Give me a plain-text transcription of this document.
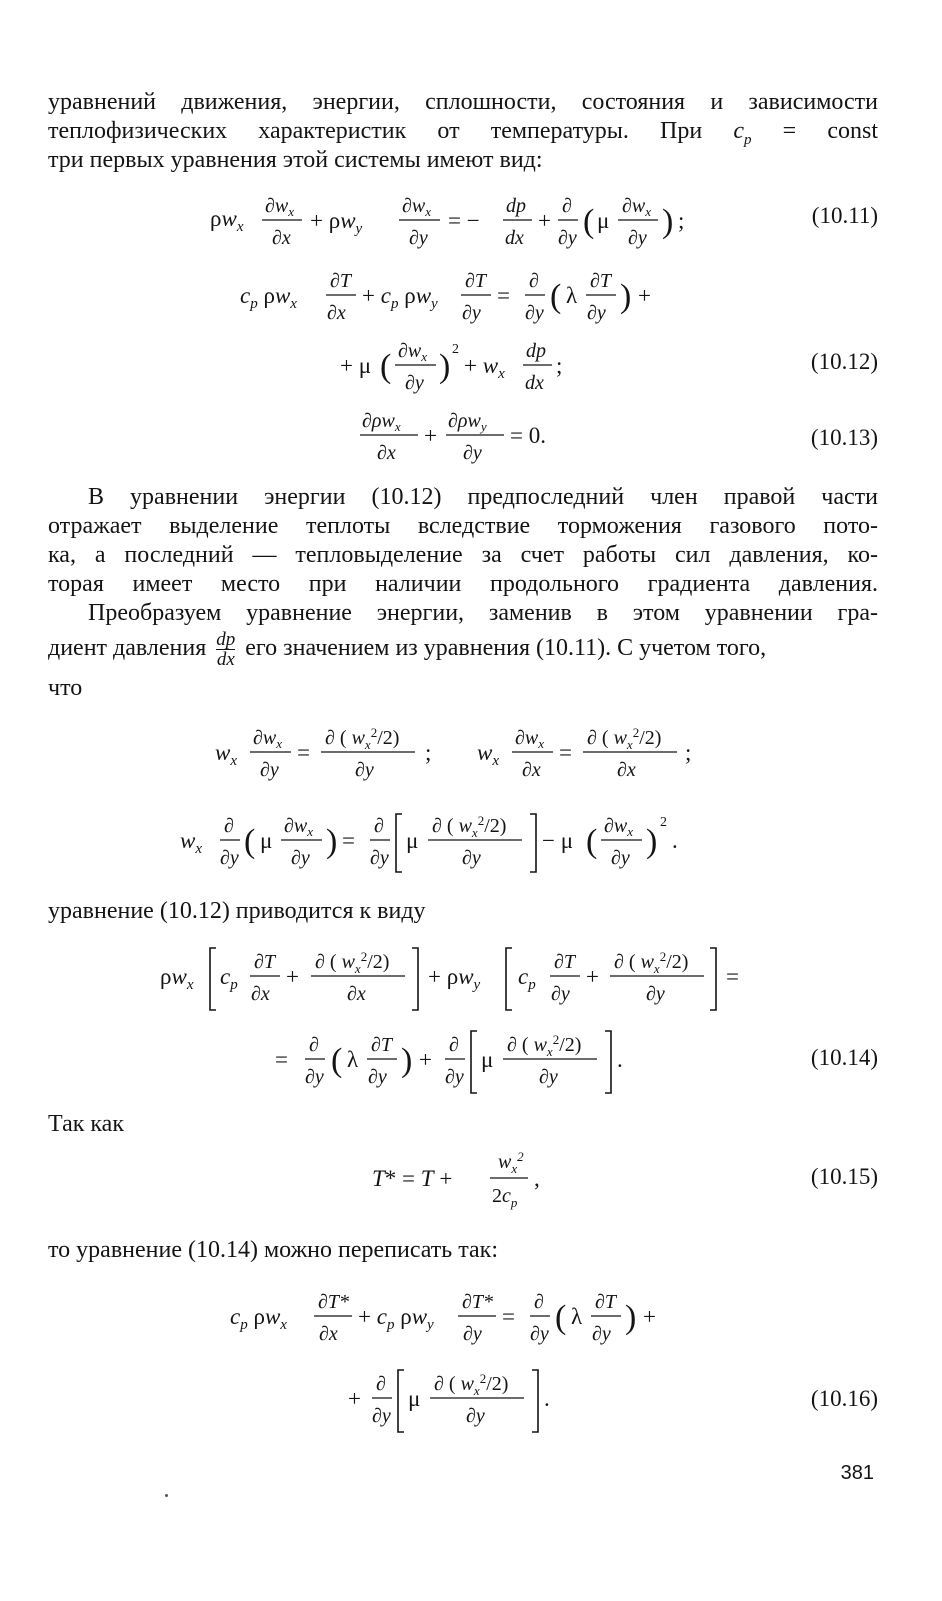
уравнений движения, энергии, сплошности, состояния и зависимости
теплофизических характеристик от температуры. При $c_p$ = const
три первых уравнения этой системы имеют вид:
$\rho w_x$
$\partial w_x$
∂x
+ $\rho w_y$
$\partial w_x$
∂y
= −
dp
dx
+
∂
∂y ( μ
$\partial w_x$
∂y ) ;	(10.11)
$c_p$ $\rho w_x$
∂T
∂x
+ $c_p$ $\rho w_y$
∂T
∂y
=
∂
∂y ( λ
∂T
∂y ) +
+ μ ( $\partial w_x$
∂y ) 2
+ $w_x$
dp
dx
;	(10.12)
$\partial\rho w_x$
∂x
+
$\partial\rho w_y$
∂y
= 0.	(10.13)
В уравнении энергии (10.12) предпоследний член правой части
отражает выделение теплоты вследствие торможения газового пото-
ка, а последний — тепловыделение за счет работы сил давления, ко-
торая имеет место при наличии продольного градиента давления.
Преобразуем уравнение энергии, заменив в этом уравнении гра-
диент давления $\frac{dp}{dx}$ его значением из уравнения (10.11). С учетом того,
что
$w_x$
$\partial w_x$
∂y
=
∂ ( $w_x^2/2$)
∂y
; $w_x$
$\partial w_x$
∂x
=
∂ ( $w_x^2/2$)
∂x
;
$w_x$
∂
∂y ( μ
$\partial w_x$
∂y ) =
∂
∂y
μ
∂ ( $w_x^2/2$)
∂y
− μ ( $\partial w_x$
∂y )
2
.
уравнение (10.12) приводится к виду
$\rho w_x$ $c_p$
∂T
∂x
+
∂ ( $w_x^2/2$)
∂x
+ $\rho w_y$ $c_p$
∂T
∂y
+
∂ ( $w_x^2/2$)
∂y
=
=
∂
∂y ( λ
∂T
∂y ) +
∂
∂y
μ
∂ ( $w_x^2/2$)
∂y
.	(10.14)
Так как
T* = T +
$w_x^2$
$2c_p$
,	(10.15)
то уравнение (10.14) можно переписать так:
$c_p$ $\rho w_x$
∂T*
∂x
+ $c_p$ $\rho w_y$
∂T*
∂y
=
∂
∂y ( λ
∂T
∂y ) +
+
∂
∂y
μ
∂ ( $w_x^2/2$)
∂y
.	(10.16)
381
